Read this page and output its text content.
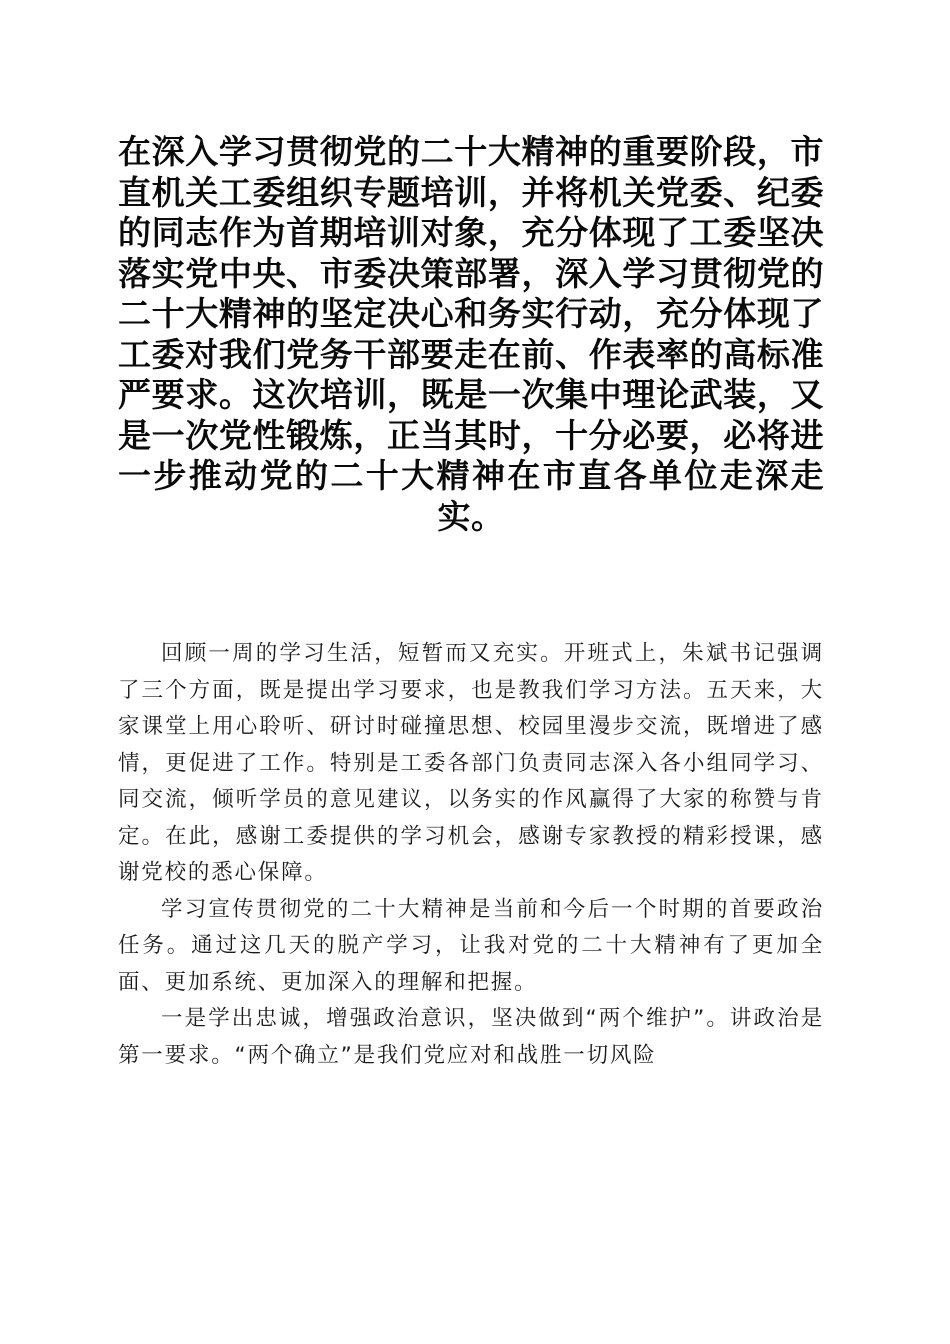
在深入学习贯彻党的二十大精神的重要阶段，市直机关工委组织专题培训，并将机关党委、纪委的同志作为首期培训对象，充分体现了工委坚决落实党中央、市委决策部署，深入学习贯彻党的二十大精神的坚定决心和务实行动，充分体现了工委对我们党务干部要走在前、作表率的高标准严要求。这次培训，既是一次集中理论武装，又是一次党性锻炼，正当其时，十分必要，必将进一步推动党的二十大精神在市直各单位走深走实。

回顾一周的学习生活，短暂而又充实。开班式上，朱斌书记强调了三个方面，既是提出学习要求，也是教我们学习方法。五天来，大家课堂上用心聆听、研讨时碰撞思想、校园里漫步交流，既增进了感情，更促进了工作。特别是工委各部门负责同志深入各小组同学习、同交流，倾听学员的意见建议，以务实的作风赢得了大家的称赞与肯定。在此，感谢工委提供的学习机会，感谢专家教授的精彩授课，感谢党校的悉心保障。

学习宣传贯彻党的二十大精神是当前和今后一个时期的首要政治任务。通过这几天的脱产学习，让我对党的二十大精神有了更加全面、更加系统、更加深入的理解和把握。

一是学出忠诚，增强政治意识，坚决做到“两个维护”。讲政治是第一要求。“两个确立”是我们党应对和战胜一切风险
